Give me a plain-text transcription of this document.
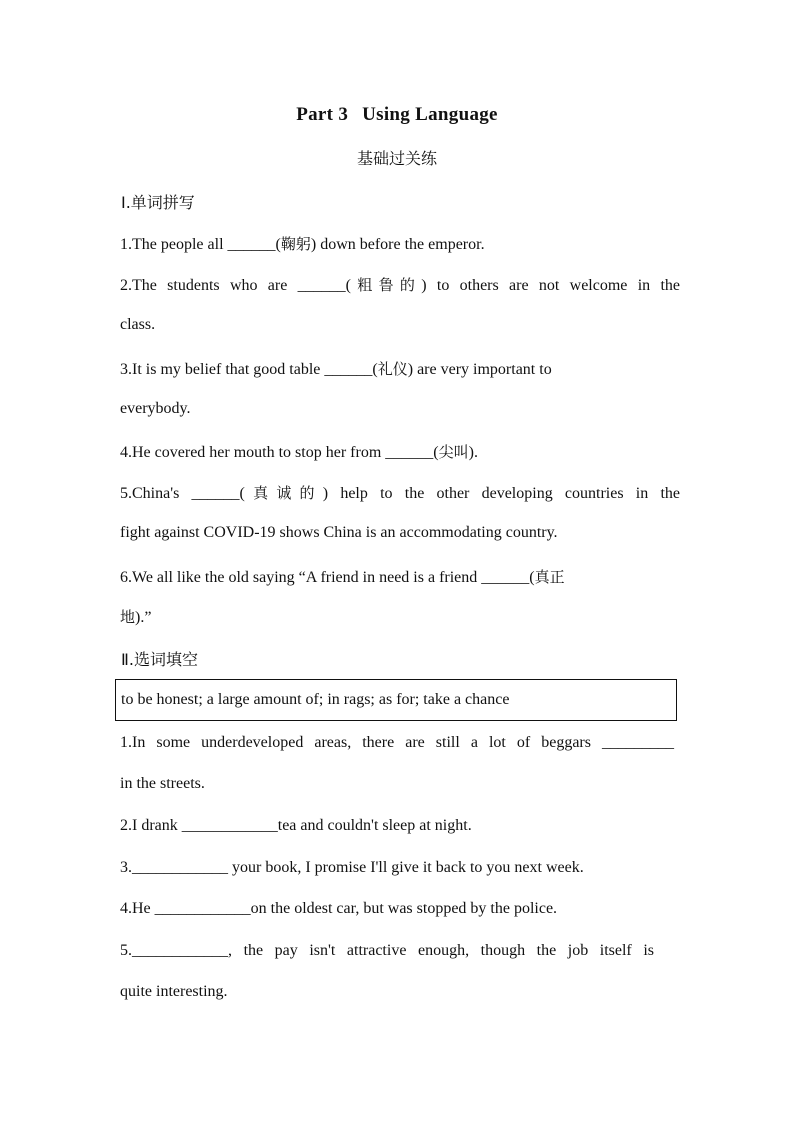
Part 3 Using Language
基础过关练
Ⅰ.单词拼写
1.The people all ______(鞠躬) down before the emperor.
2.The students who are ______(粗鲁的) to others are not welcome in the
class.
3.It is my belief that good table ______(礼仪) are very important to
everybody.
4.He covered her mouth to stop her from ______(尖叫).
5.China's ______(真诚的) help to the other developing countries in the
fight against COVID-19 shows China is an accommodating country.
6.We all like the old saying “A friend in need is a friend ______(真正
地).”
Ⅱ.选词填空
to be honest; a large amount of; in rags; as for; take a chance
1.In some underdeveloped areas, there are still a lot of beggars _________
in the streets.
2.I drank ____________tea and couldn't sleep at night.
3.____________ your book, I promise I'll give it back to you next week.
4.He ____________on the oldest car, but was stopped by the police.
5.____________, the pay isn't attractive enough, though the job itself is
quite interesting.
